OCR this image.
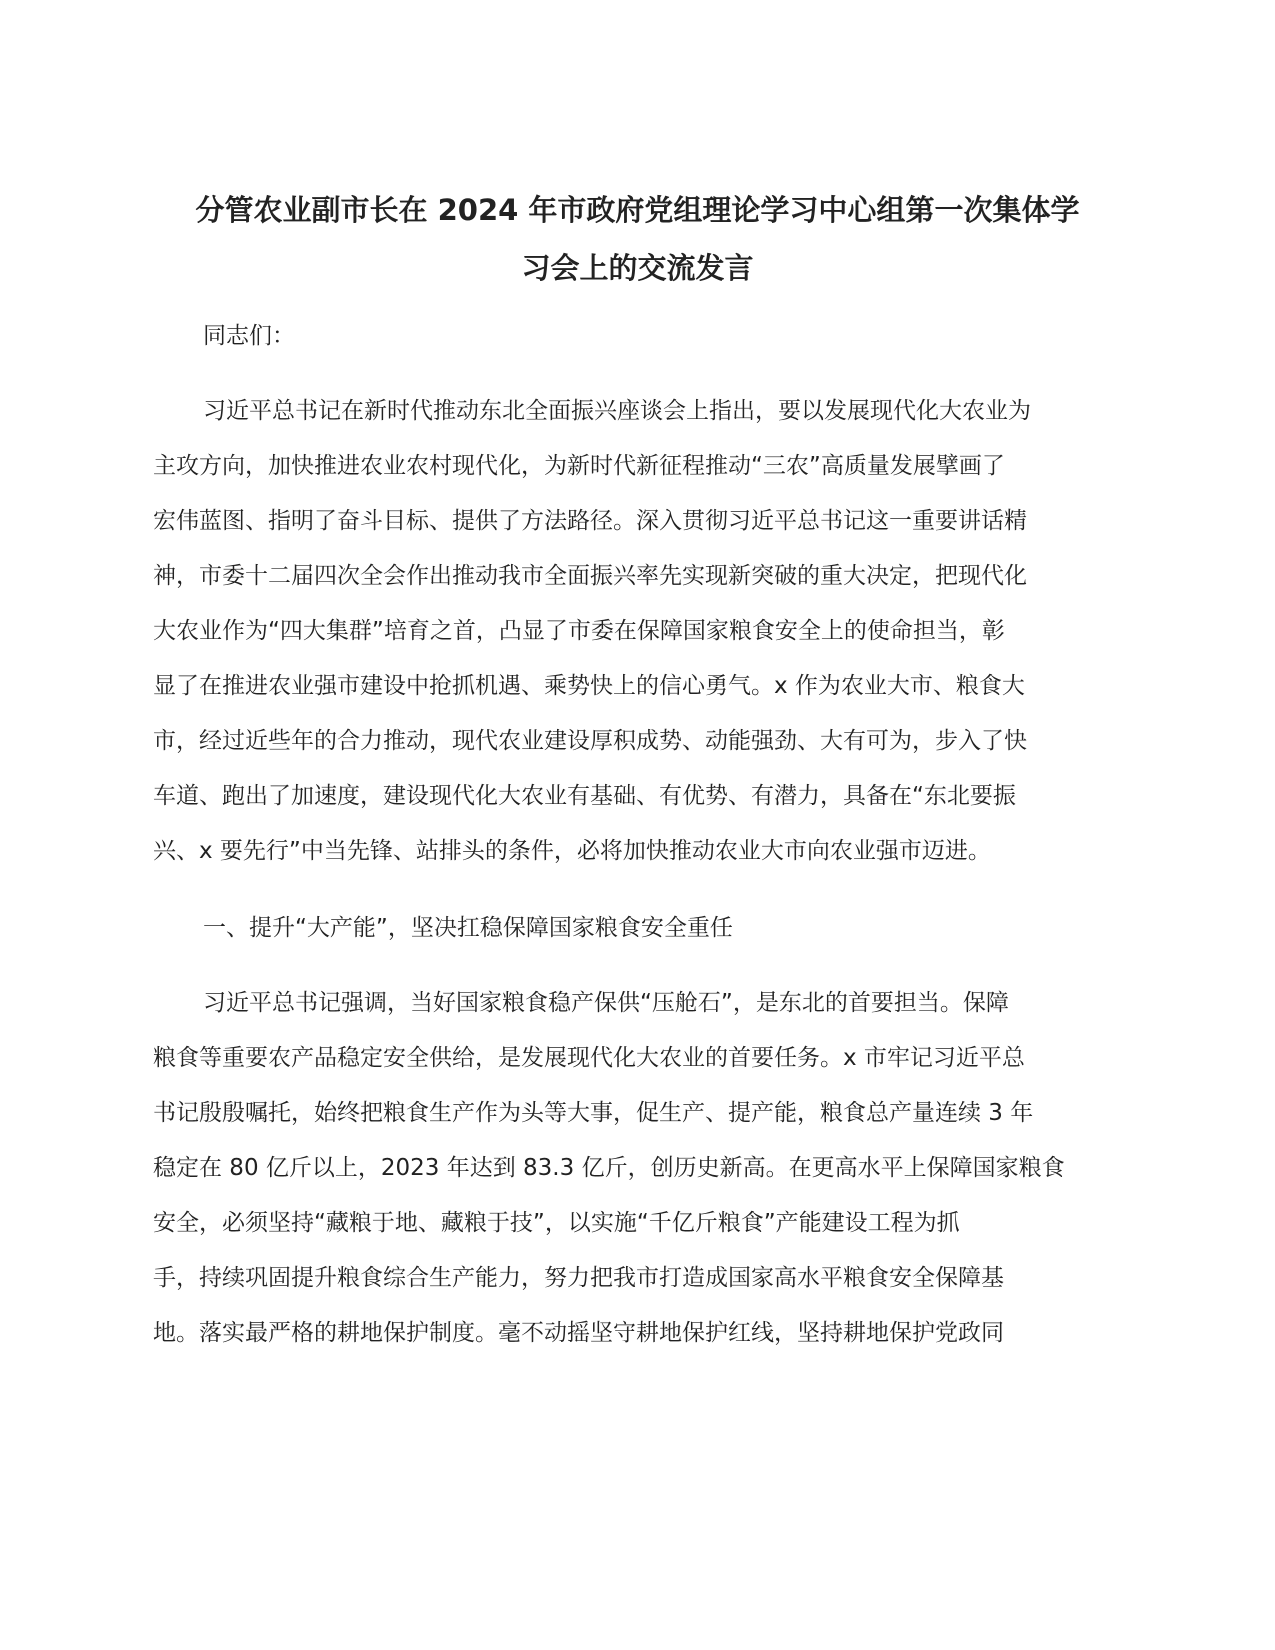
分管农业副市长在 2024 年市政府党组理论学习中心组第一次集体学
习会上的交流发言

同志们：

习近平总书记在新时代推动东北全面振兴座谈会上指出，要以发展现代化大农业为

主攻方向，加快推进农业农村现代化，为新时代新征程推动“三农”高质量发展擘画了

宏伟蓝图、指明了奋斗目标、提供了方法路径。深入贯彻习近平总书记这一重要讲话精

神，市委十二届四次全会作出推动我市全面振兴率先实现新突破的重大决定，把现代化

大农业作为“四大集群”培育之首，凸显了市委在保障国家粮食安全上的使命担当，彰

显了在推进农业强市建设中抢抓机遇、乘势快上的信心勇气。x 作为农业大市、粮食大

市，经过近些年的合力推动，现代农业建设厚积成势、动能强劲、大有可为，步入了快

车道、跑出了加速度，建设现代化大农业有基础、有优势、有潜力，具备在“东北要振

兴、x 要先行”中当先锋、站排头的条件，必将加快推动农业大市向农业强市迈进。

一、提升“大产能”，坚决扛稳保障国家粮食安全重任

习近平总书记强调，当好国家粮食稳产保供“压舱石”，是东北的首要担当。保障

粮食等重要农产品稳定安全供给，是发展现代化大农业的首要任务。x 市牢记习近平总

书记殷殷嘱托，始终把粮食生产作为头等大事，促生产、提产能，粮食总产量连续 3 年

稳定在 80 亿斤以上，2023 年达到 83.3 亿斤，创历史新高。在更高水平上保障国家粮食

安全，必须坚持“藏粮于地、藏粮于技”，以实施“千亿斤粮食”产能建设工程为抓

手，持续巩固提升粮食综合生产能力，努力把我市打造成国家高水平粮食安全保障基

地。落实最严格的耕地保护制度。毫不动摇坚守耕地保护红线，坚持耕地保护党政同
